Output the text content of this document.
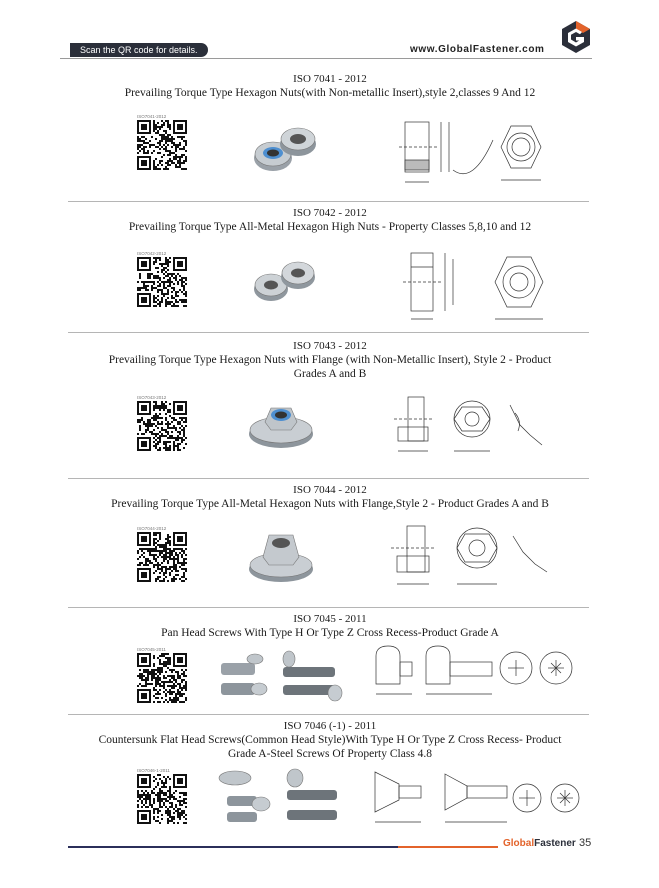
Scan the QR code for details.	www.GlobalFastener.com
ISO 7041 - 2012
Prevailing Torque Type Hexagon Nuts(with Non-metallic Insert),style 2,classes 9 And 12
ISO7041-2012
ISO 7042 - 2012
Prevailing Torque Type All-Metal Hexagon High Nuts - Property Classes 5,8,10 and 12
ISO7042-2012
ISO 7043 - 2012
Prevailing Torque Type Hexagon Nuts with Flange (with Non-Metallic Insert), Style 2 - Product
Grades A and B
ISO7043-2012
ISO 7044 - 2012
Prevailing Torque Type All-Metal Hexagon Nuts with Flange,Style 2 - Product Grades A and B
ISO7044-2012
ISO 7045 - 2011
Pan Head Screws With Type H Or Type Z Cross Recess-Product Grade A
ISO7045-2011
ISO 7046 (-1) - 2011
Countersunk Flat Head Screws(Common Head Style)With Type H Or Type Z Cross Recess- Product
Grade A-Steel Screws Of Property Class 4.8
ISO7046-1-2011
GlobalFastener 35
